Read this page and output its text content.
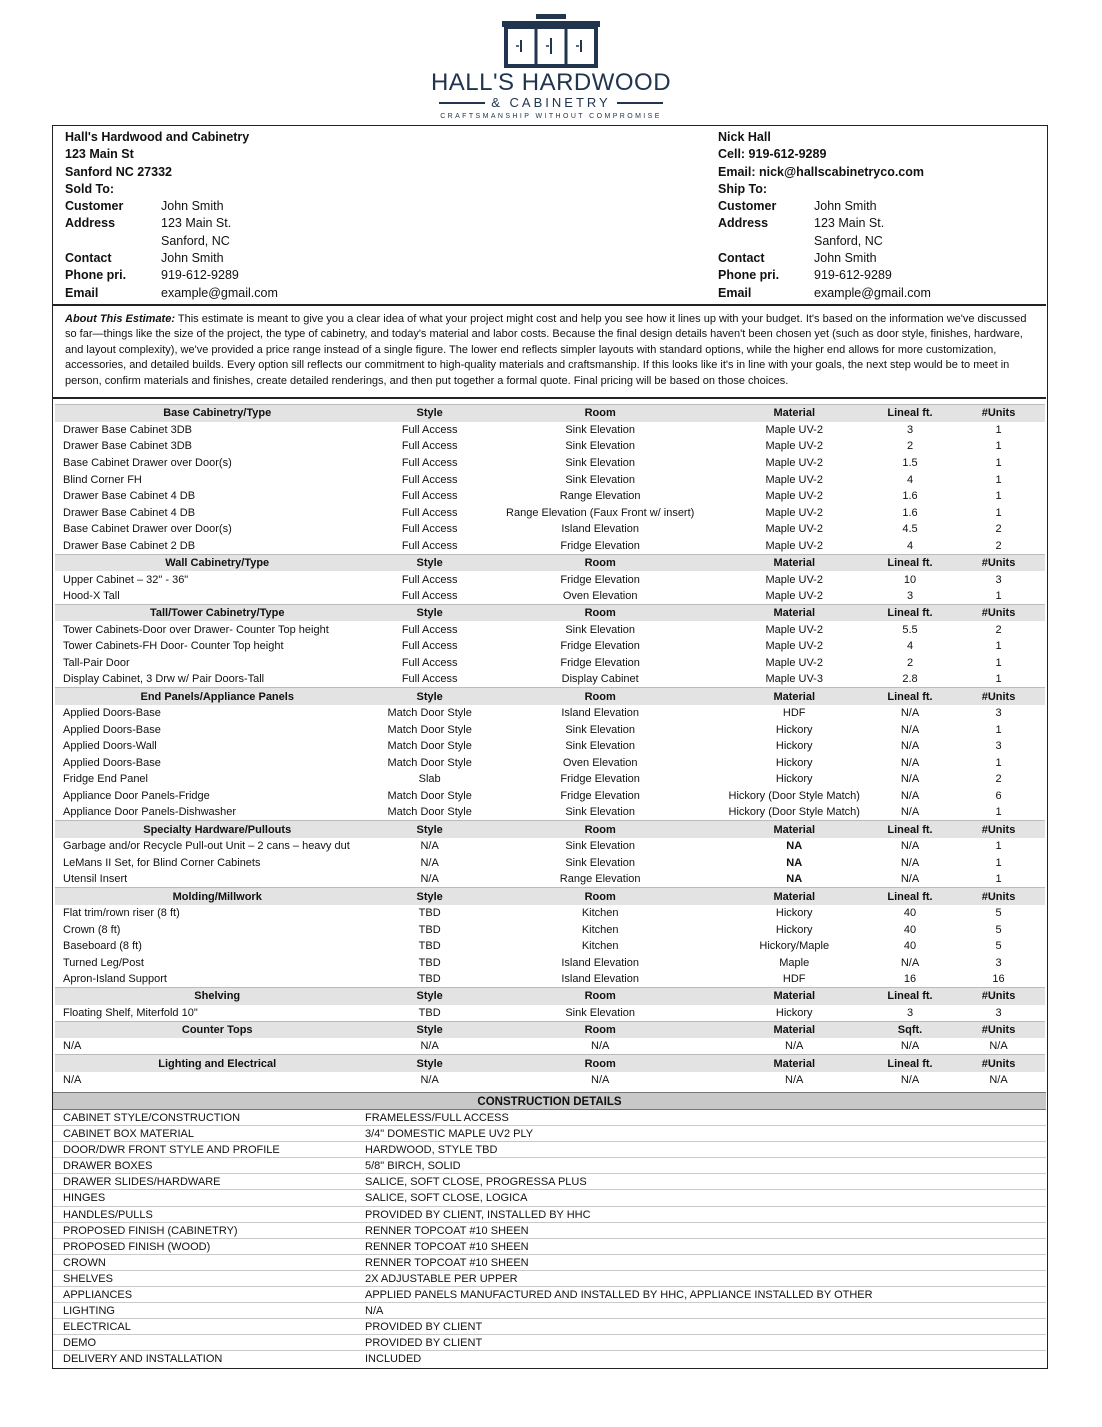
HALL'S HARDWOOD
& CABINETRY
CRAFTSMANSHIP WITHOUT COMPROMISE
Hall's Hardwood and Cabinetry
123 Main St
Sanford NC 27332
Sold To:
Customer	John Smith
Address	123 Main St.
Sanford, NC
Contact	John Smith
Phone pri.	919-612-9289
Email	example@gmail.com
Nick Hall
Cell: 919-612-9289
Email: nick@hallscabinetryco.com
Ship To:
Customer	John Smith
Address	123 Main St.
Sanford, NC
Contact	John Smith
Phone pri.	919-612-9289
Email	example@gmail.com
About This Estimate: This estimate is meant to give you a clear idea of what your project might cost and help you see how it lines up with your budget. It's based on the information we've discussed so far—things like the size of the project, the type of cabinetry, and today's material and labor costs. Because the final design details haven't been chosen yet (such as door style, finishes, hardware, and layout complexity), we've provided a price range instead of a single figure. The lower end reflects simpler layouts with standard options, while the higher end allows for more customization, accessories, and detailed builds. Every option sill reflects our commitment to high-quality materials and craftsmanship. If this looks like it's in line with your goals, the next step would be to meet in person, confirm materials and finishes, create detailed renderings, and then put together a formal quote. Final pricing will be based on those choices.
Base Cabinetry/Type	Style	Room	Material	Lineal ft.	#Units
Drawer Base Cabinet 3DB	Full Access	Sink Elevation	Maple UV-2	3	1
Drawer Base Cabinet 3DB	Full Access	Sink Elevation	Maple UV-2	2	1
Base Cabinet Drawer over Door(s)	Full Access	Sink Elevation	Maple UV-2	1.5	1
Blind Corner FH	Full Access	Sink Elevation	Maple UV-2	4	1
Drawer Base Cabinet 4 DB	Full Access	Range Elevation	Maple UV-2	1.6	1
Drawer Base Cabinet 4 DB	Full Access	Range Elevation (Faux Front w/ insert)	Maple UV-2	1.6	1
Base Cabinet Drawer over Door(s)	Full Access	Island Elevation	Maple UV-2	4.5	2
Drawer Base Cabinet 2 DB	Full Access	Fridge Elevation	Maple UV-2	4	2
Wall Cabinetry/Type	Style	Room	Material	Lineal ft.	#Units
Upper Cabinet – 32" - 36"	Full Access	Fridge Elevation	Maple UV-2	10	3
Hood-X Tall	Full Access	Oven Elevation	Maple UV-2	3	1
Tall/Tower Cabinetry/Type	Style	Room	Material	Lineal ft.	#Units
Tower Cabinets-Door over Drawer- Counter Top height	Full Access	Sink Elevation	Maple UV-2	5.5	2
Tower Cabinets-FH Door- Counter Top height	Full Access	Fridge Elevation	Maple UV-2	4	1
Tall-Pair Door	Full Access	Fridge Elevation	Maple UV-2	2	1
Display Cabinet, 3 Drw w/ Pair Doors-Tall	Full Access	Display Cabinet	Maple UV-3	2.8	1
End Panels/Appliance Panels	Style	Room	Material	Lineal ft.	#Units
Applied Doors-Base	Match Door Style	Island Elevation	HDF	N/A	3
Applied Doors-Base	Match Door Style	Sink Elevation	Hickory	N/A	1
Applied Doors-Wall	Match Door Style	Sink Elevation	Hickory	N/A	3
Applied Doors-Base	Match Door Style	Oven Elevation	Hickory	N/A	1
Fridge End Panel	Slab	Fridge Elevation	Hickory	N/A	2
Appliance Door Panels-Fridge	Match Door Style	Fridge Elevation	Hickory (Door Style Match)	N/A	6
Appliance Door Panels-Dishwasher	Match Door Style	Sink Elevation	Hickory (Door Style Match)	N/A	1
Specialty Hardware/Pullouts	Style	Room	Material	Lineal ft.	#Units
Garbage and/or Recycle Pull-out Unit – 2 cans – heavy dut	N/A	Sink Elevation	NA	N/A	1
LeMans II Set, for Blind Corner Cabinets	N/A	Sink Elevation	NA	N/A	1
Utensil Insert	N/A	Range Elevation	NA	N/A	1
Molding/Millwork	Style	Room	Material	Lineal ft.	#Units
Flat trim/rown riser (8 ft)	TBD	Kitchen	Hickory	40	5
Crown (8 ft)	TBD	Kitchen	Hickory	40	5
Baseboard (8 ft)	TBD	Kitchen	Hickory/Maple	40	5
Turned Leg/Post	TBD	Island Elevation	Maple	N/A	3
Apron-Island Support	TBD	Island Elevation	HDF	16	16
Shelving	Style	Room	Material	Lineal ft.	#Units
Floating Shelf, Miterfold 10"	TBD	Sink Elevation	Hickory	3	3
Counter Tops	Style	Room	Material	Sqft.	#Units
N/A	N/A	N/A	N/A	N/A	N/A
Lighting and Electrical	Style	Room	Material	Lineal ft.	#Units
N/A	N/A	N/A	N/A	N/A	N/A
CONSTRUCTION DETAILS
CABINET STYLE/CONSTRUCTION	FRAMELESS/FULL ACCESS
CABINET BOX MATERIAL	3/4" DOMESTIC MAPLE UV2 PLY
DOOR/DWR FRONT STYLE AND PROFILE	HARDWOOD, STYLE TBD
DRAWER BOXES	5/8" BIRCH, SOLID
DRAWER SLIDES/HARDWARE	SALICE, SOFT CLOSE, PROGRESSA PLUS
HINGES	SALICE, SOFT CLOSE, LOGICA
HANDLES/PULLS	PROVIDED BY CLIENT, INSTALLED BY HHC
PROPOSED FINISH (CABINETRY)	RENNER TOPCOAT #10 SHEEN
PROPOSED FINISH (WOOD)	RENNER TOPCOAT #10 SHEEN
CROWN	RENNER TOPCOAT #10 SHEEN
SHELVES	2X ADJUSTABLE PER UPPER
APPLIANCES	APPLIED PANELS MANUFACTURED AND INSTALLED BY HHC, APPLIANCE INSTALLED BY OTHER
LIGHTING	N/A
ELECTRICAL	PROVIDED BY CLIENT
DEMO	PROVIDED BY CLIENT
DELIVERY AND INSTALLATION	INCLUDED
